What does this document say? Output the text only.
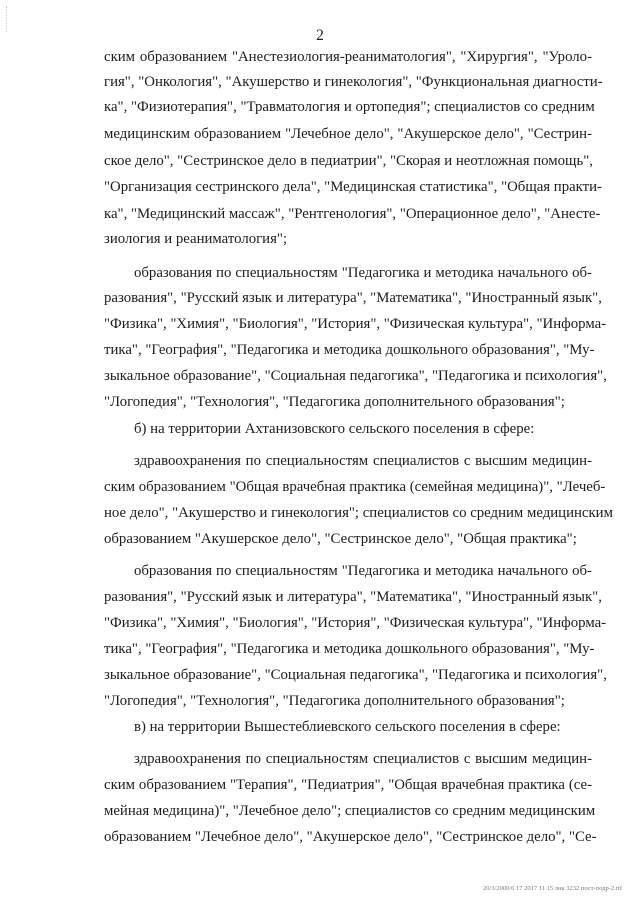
2
ским образованием "Анестезиология-реаниматология", "Хирургия", "Уроло-
гия", "Онкология", "Акушерство и гинекология", "Функциональная диагности-
ка", "Физиотерапия", "Травматология и ортопедия"; специалистов со средним
медицинским образованием "Лечебное дело", "Акушерское дело", "Сестрин-
ское дело", "Сестринское дело в педиатрии", "Скорая и неотложная помощь",
"Организация сестринского дела", "Медицинская статистика", "Общая практи-
ка", "Медицинский массаж", "Рентгенология", "Операционное дело", "Анесте-
зиология и реаниматология";
образования по специальностям "Педагогика и методика начального об-
разования", "Русский язык и литература", "Математика", "Иностранный язык",
"Физика", "Химия", "Биология", "История", "Физическая культура", "Информа-
тика", "География", "Педагогика и методика дошкольного образования", "Му-
зыкальное образование", "Социальная педагогика", "Педагогика и психология",
"Логопедия", "Технология", "Педагогика дополнительного образования";
б) на территории Ахтанизовского сельского поселения в сфере:
здравоохранения по специальностям специалистов с высшим медицин-
ским образованием "Общая врачебная практика (семейная медицина)", "Лечеб-
ное дело", "Акушерство и гинекология"; специалистов со средним медицинским
образованием "Акушерское дело", "Сестринское дело", "Общая практика";
образования по специальностям "Педагогика и методика начального об-
разования", "Русский язык и литература", "Математика", "Иностранный язык",
"Физика", "Химия", "Биология", "История", "Физическая культура", "Информа-
тика", "География", "Педагогика и методика дошкольного образования", "Му-
зыкальное образование", "Социальная педагогика", "Педагогика и психология",
"Логопедия", "Технология", "Педагогика дополнительного образования";
в) на территории Вышестеблиевского сельского поселения в сфере:
здравоохранения по специальностям специалистов с высшим медицин-
ским образованием "Терапия", "Педиатрия", "Общая врачебная практика (се-
мейная медицина)", "Лечебное дело"; специалистов со средним медицинским
образованием "Лечебное дело", "Акушерское дело", "Сестринское дело", "Се-
20/3/2000/6 17 2017 11 15 лнк 3232 пост-подр-2.rtf
